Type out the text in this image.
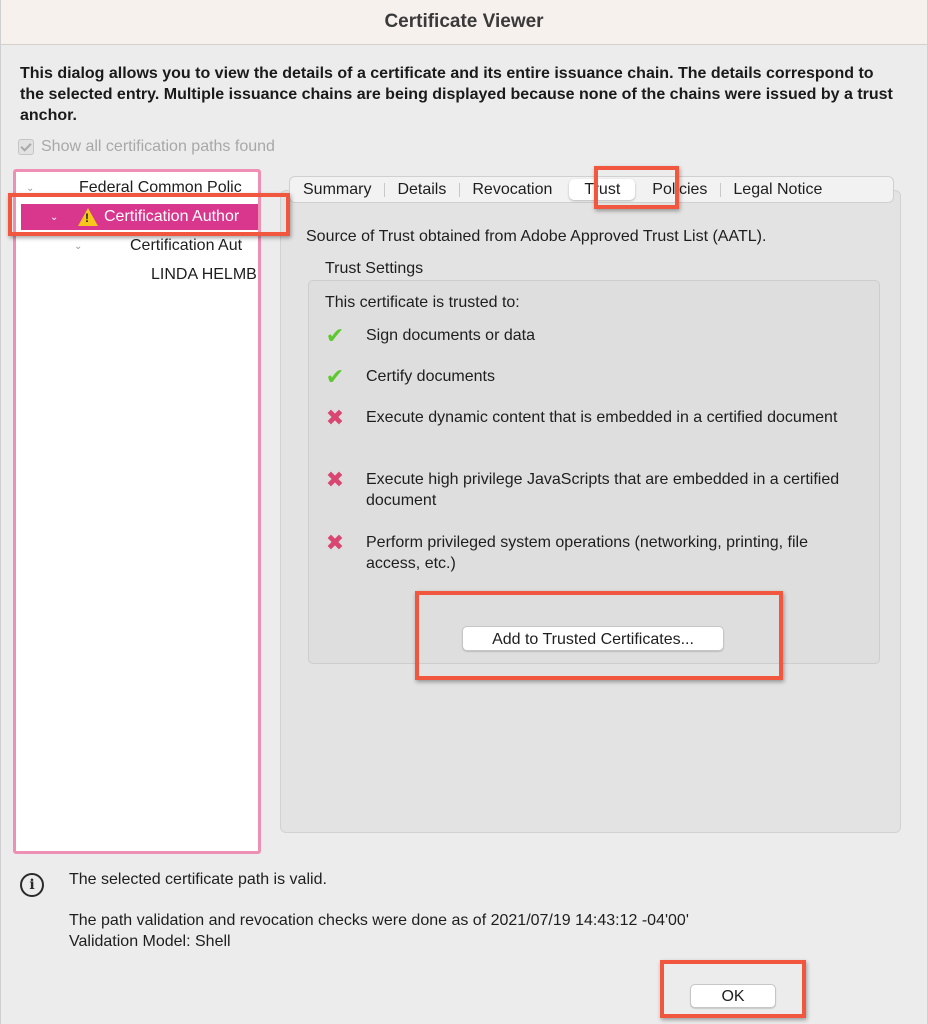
Certificate Viewer
This dialog allows you to view the details of a certificate and its entire issuance chain. The details correspond to the selected entry. Multiple issuance chains are being displayed because none of the chains were issued by a trust anchor.
Show all certification paths found
⌄	Federal Common Polic
⌄	! Certification Author
⌄	Certification Aut
LINDA HELMB
Summary	Details	Revocation	Trust	Policies	Legal Notice
Source of Trust obtained from Adobe Approved Trust List (AATL).
Trust Settings
This certificate is trusted to:
✔ Sign documents or data
✔ Certify documents
✖ Execute dynamic content that is embedded in a certified document
✖ Execute high privilege JavaScripts that are embedded in a certified document
✖ Perform privileged system operations (networking, printing, file access, etc.)
Add to Trusted Certificates...
i	The selected certificate path is valid.
The path validation and revocation checks were done as of 2021/07/19 14:43:12 -04'00'
Validation Model: Shell
OK
